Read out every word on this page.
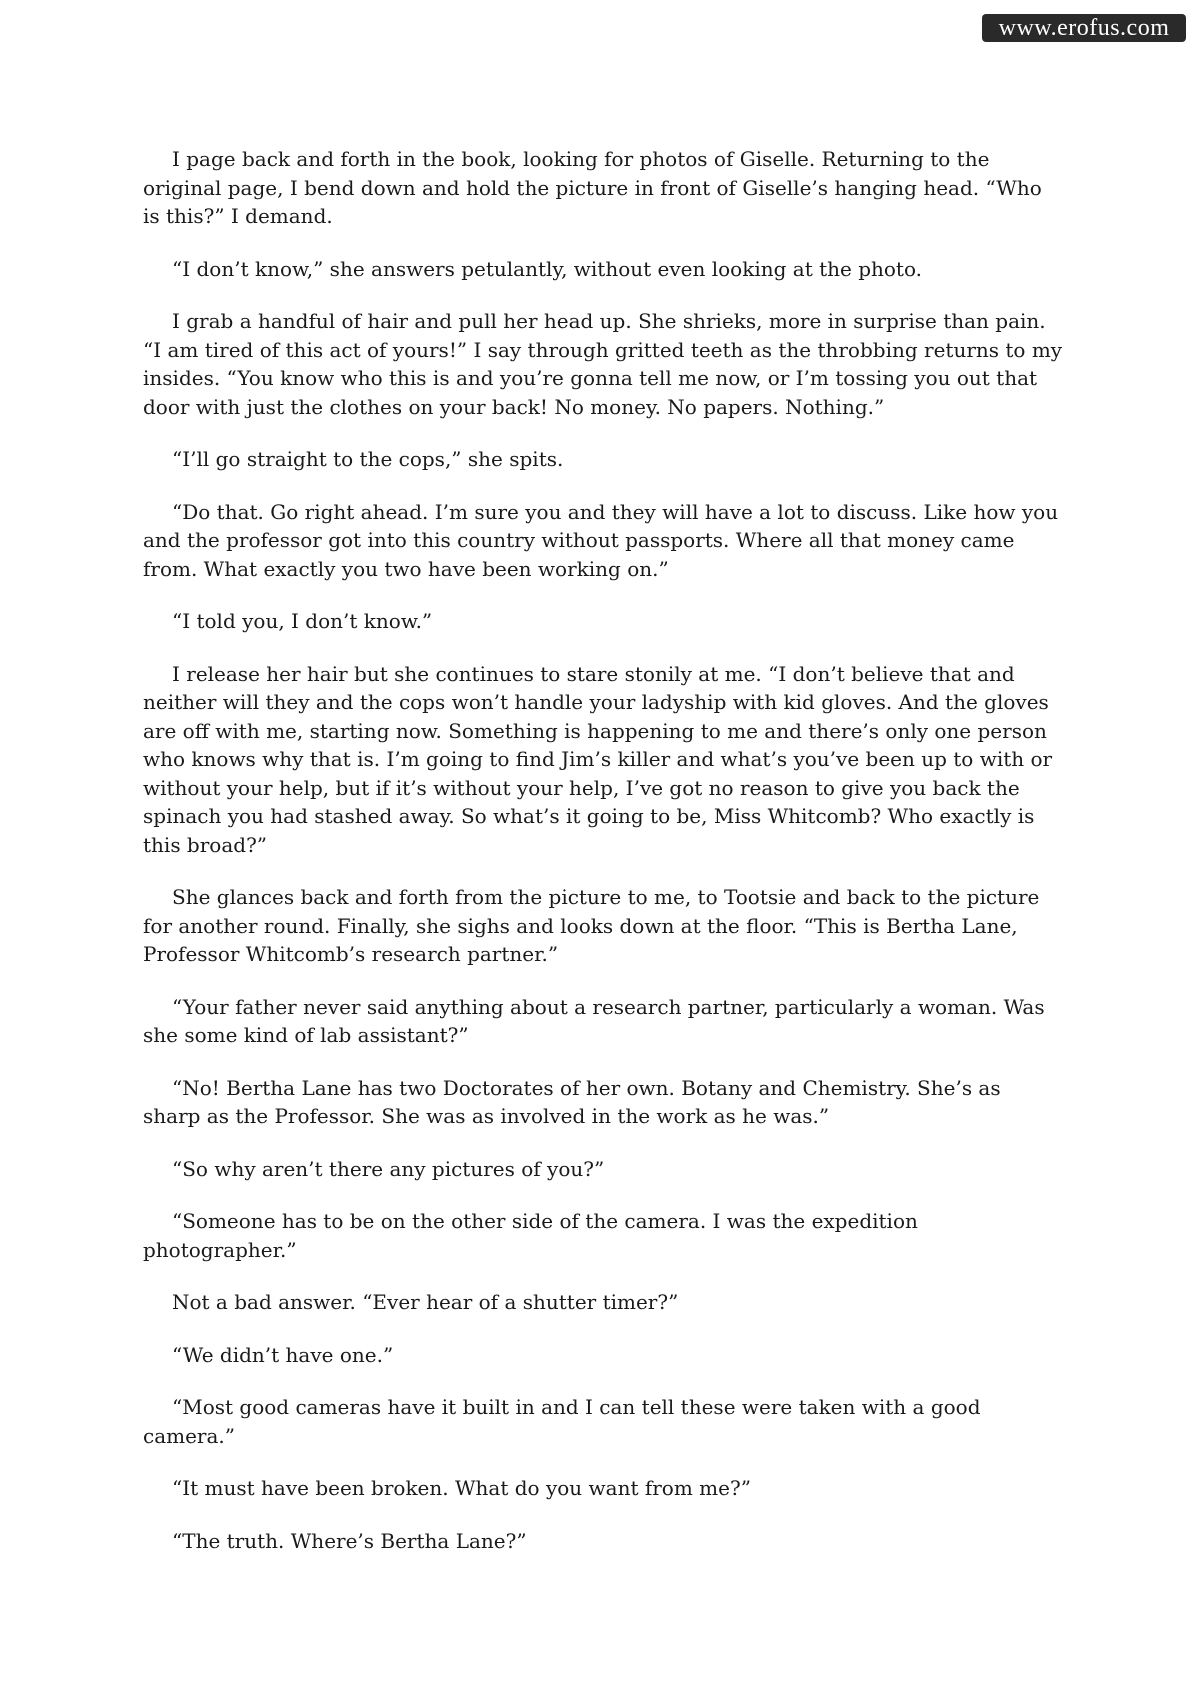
www.erofus.com

I page back and forth in the book, looking for photos of Giselle. Returning to the original page, I bend down and hold the picture in front of Giselle’s hanging head. “Who is this?” I demand.

“I don’t know,” she answers petulantly, without even looking at the photo.

I grab a handful of hair and pull her head up. She shrieks, more in surprise than pain. “I am tired of this act of yours!” I say through gritted teeth as the throbbing returns to my insides. “You know who this is and you’re gonna tell me now, or I’m tossing you out that door with just the clothes on your back! No money. No papers. Nothing.”

“I’ll go straight to the cops,” she spits.

“Do that. Go right ahead. I’m sure you and they will have a lot to discuss. Like how you and the professor got into this country without passports. Where all that money came from. What exactly you two have been working on.”

“I told you, I don’t know.”

I release her hair but she continues to stare stonily at me. “I don’t believe that and neither will they and the cops won’t handle your ladyship with kid gloves. And the gloves are off with me, starting now. Something is happening to me and there’s only one person who knows why that is. I’m going to find Jim’s killer and what’s you’ve been up to with or without your help, but if it’s without your help, I’ve got no reason to give you back the spinach you had stashed away. So what’s it going to be, Miss Whitcomb? Who exactly is this broad?”

She glances back and forth from the picture to me, to Tootsie and back to the picture for another round. Finally, she sighs and looks down at the floor. “This is Bertha Lane, Professor Whitcomb’s research partner.”

“Your father never said anything about a research partner, particularly a woman. Was she some kind of lab assistant?”

“No! Bertha Lane has two Doctorates of her own. Botany and Chemistry. She’s as sharp as the Professor. She was as involved in the work as he was.”

“So why aren’t there any pictures of you?”

“Someone has to be on the other side of the camera. I was the expedition photographer.”

Not a bad answer. “Ever hear of a shutter timer?”

“We didn’t have one.”

“Most good cameras have it built in and I can tell these were taken with a good camera.”

“It must have been broken. What do you want from me?”

“The truth. Where’s Bertha Lane?”
